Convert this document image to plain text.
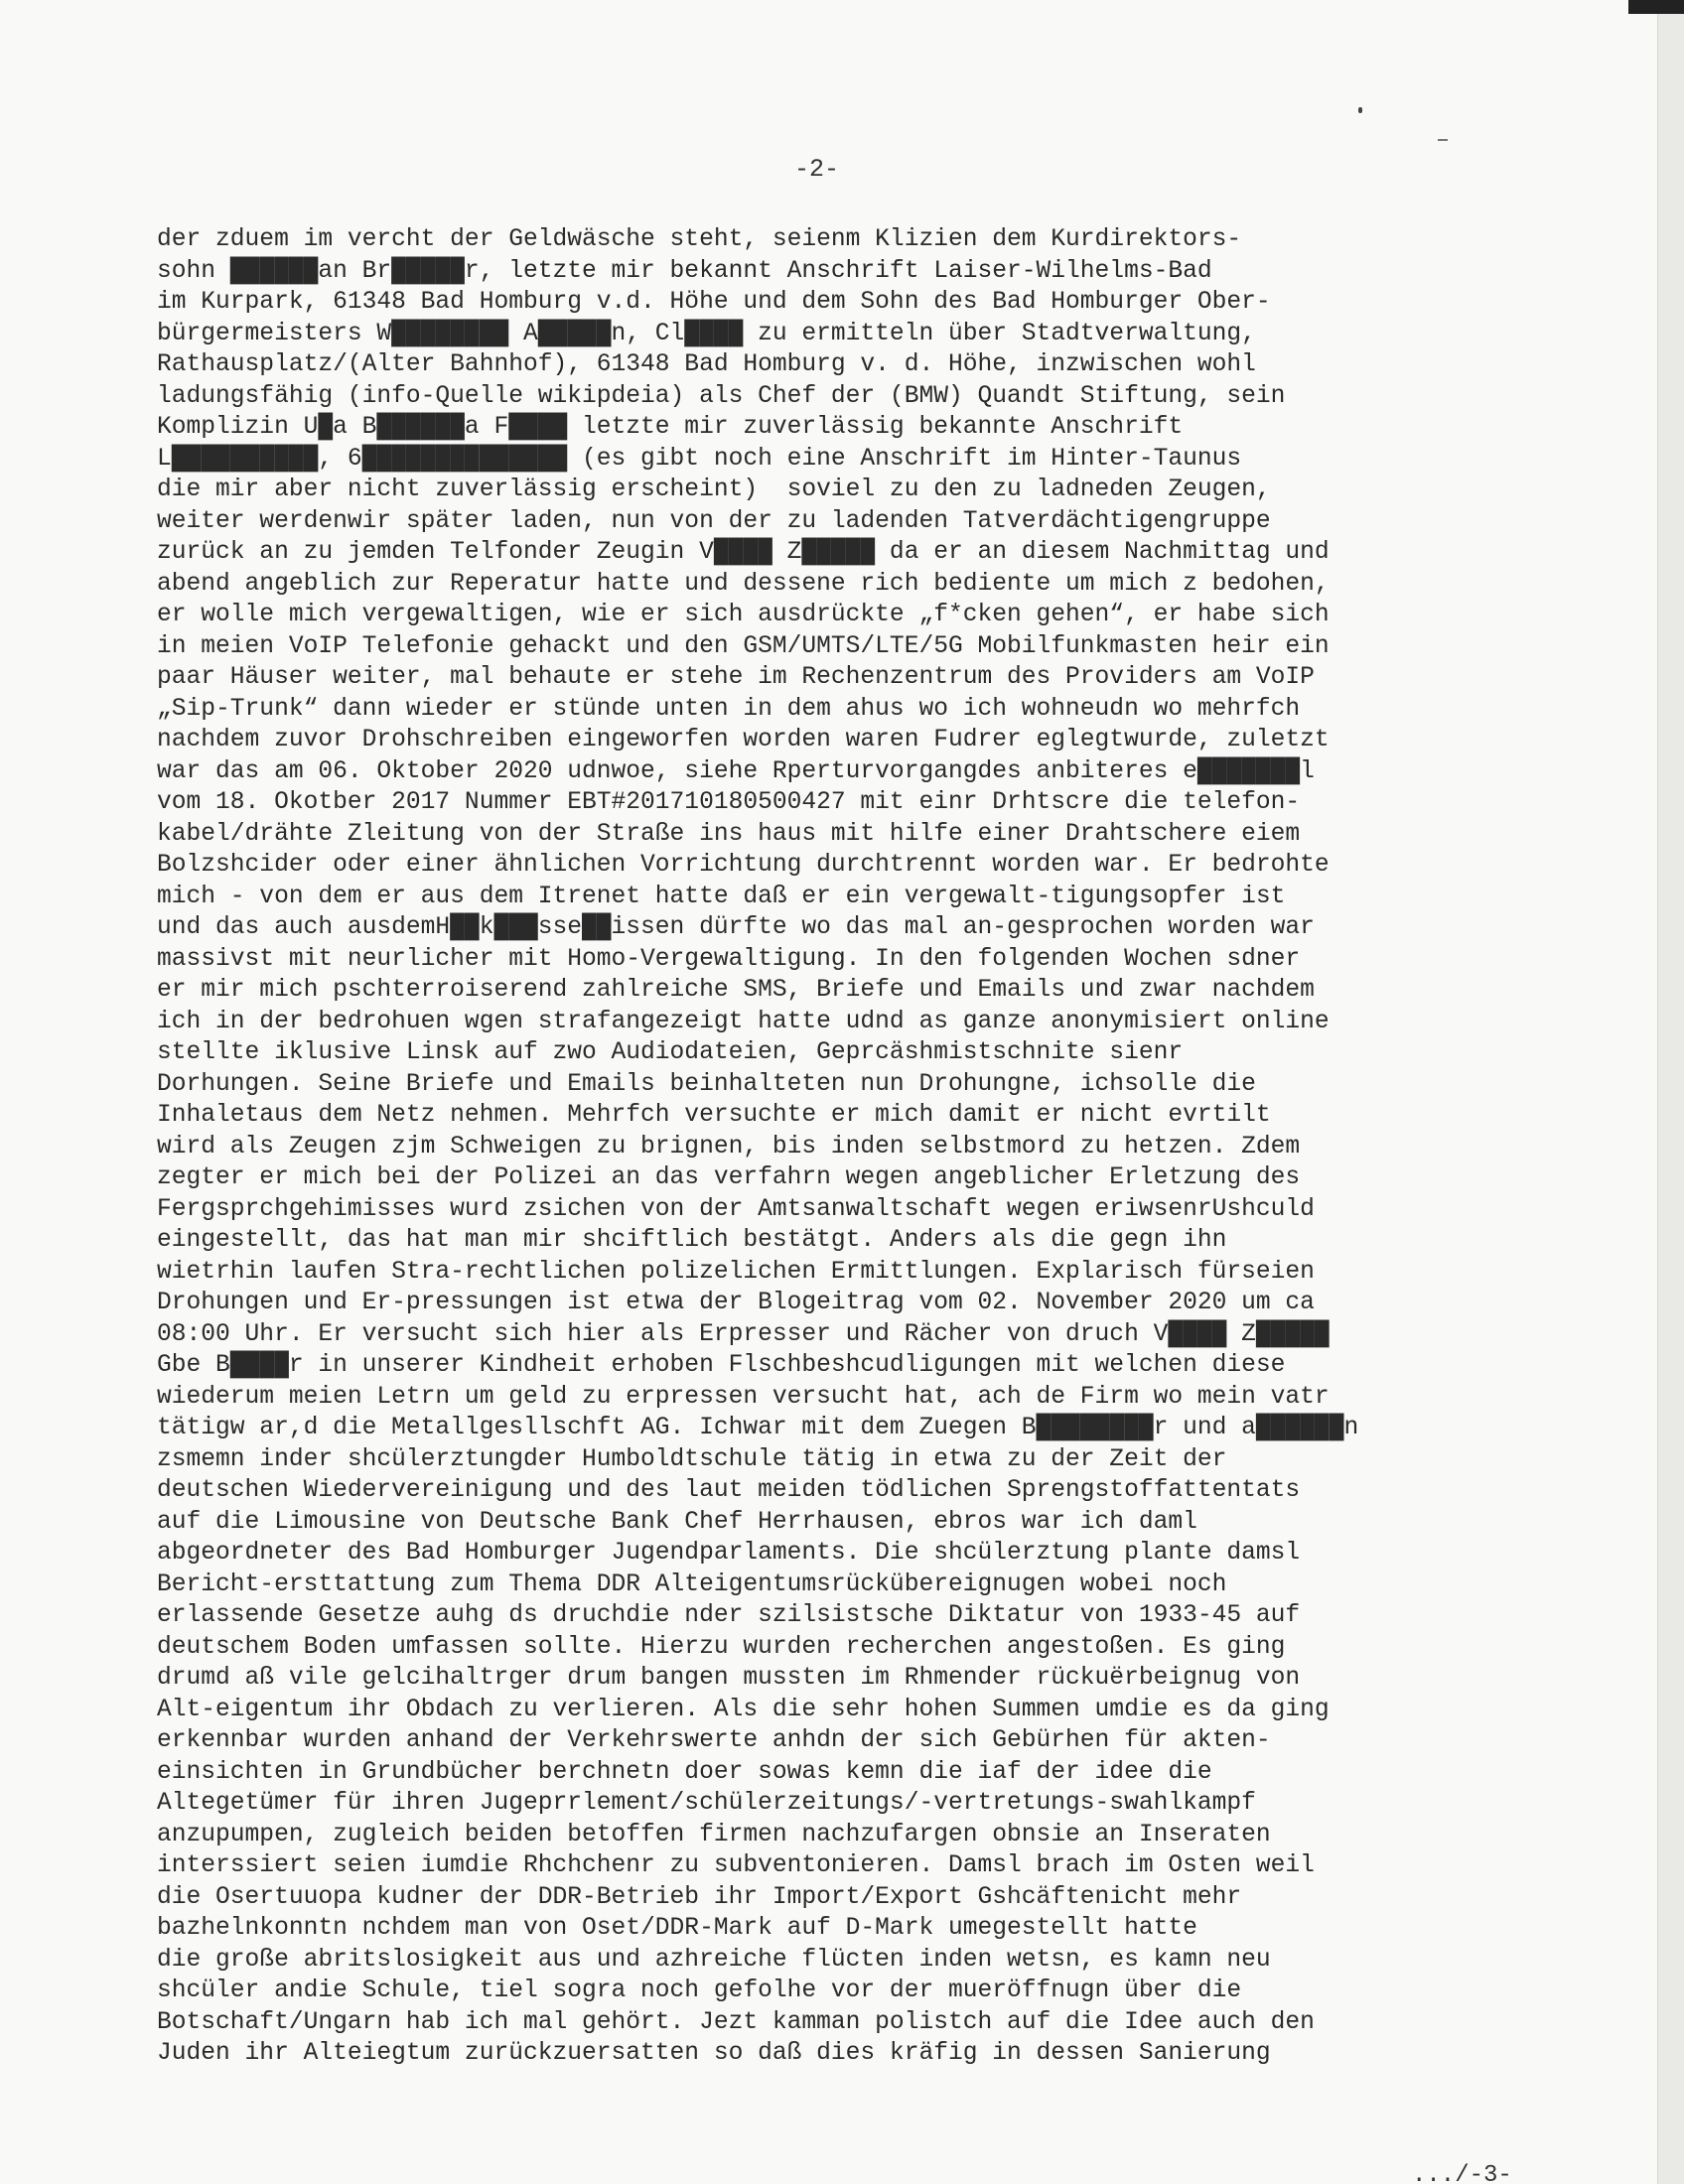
-2-
der zduem im vercht der Geldwäsche steht, seienm Klizien dem Kurdirektors-
sohn ██████an Br█████r, letzte mir bekannt Anschrift Laiser-Wilhelms-Bad
im Kurpark, 61348 Bad Homburg v.d. Höhe und dem Sohn des Bad Homburger Ober-
bürgermeisters W████████ A█████n, Cl████ zu ermitteln über Stadtverwaltung,
Rathausplatz/(Alter Bahnhof), 61348 Bad Homburg v. d. Höhe, inzwischen wohl
ladungsfähig (info-Quelle wikipdeia) als Chef der (BMW) Quandt Stiftung, sein
Komplizin U█a B██████a F████ letzte mir zuverlässig bekannte Anschrift
L██████████, 6██████████████ (es gibt noch eine Anschrift im Hinter-Taunus
die mir aber nicht zuverlässig erscheint)  soviel zu den zu ladneden Zeugen,
weiter werdenwir später laden, nun von der zu ladenden Tatverdächtigengruppe
zurück an zu jemden Telfonder Zeugin V████ Z█████ da er an diesem Nachmittag und
abend angeblich zur Reperatur hatte und dessene rich bediente um mich z bedohen,
er wolle mich vergewaltigen, wie er sich ausdrückte „f*cken gehen“, er habe sich
in meien VoIP Telefonie gehackt und den GSM/UMTS/LTE/5G Mobilfunkmasten heir ein
paar Häuser weiter, mal behaute er stehe im Rechenzentrum des Providers am VoIP
„Sip-Trunk“ dann wieder er stünde unten in dem ahus wo ich wohneudn wo mehrfch
nachdem zuvor Drohschreiben eingeworfen worden waren Fudrer eglegtwurde, zuletzt
war das am 06. Oktober 2020 udnwoe, siehe Rperturvorgangdes anbiteres e███████l
vom 18. Okotber 2017 Nummer EBT#201710180500427 mit einr Drhtscre die telefon-
kabel/drähte Zleitung von der Straße ins haus mit hilfe einer Drahtschere eiem
Bolzshcider oder einer ähnlichen Vorrichtung durchtrennt worden war. Er bedrohte
mich - von dem er aus dem Itrenet hatte daß er ein vergewalt-tigungsopfer ist
und das auch ausdemH██k███sse██issen dürfte wo das mal an-gesprochen worden war
massivst mit neurlicher mit Homo-Vergewaltigung. In den folgenden Wochen sdner
er mir mich pschterroiserend zahlreiche SMS, Briefe und Emails und zwar nachdem
ich in der bedrohuen wgen strafangezeigt hatte udnd as ganze anonymisiert online
stellte iklusive Linsk auf zwo Audiodateien, Geprcäshmistschnite sienr
Dorhungen. Seine Briefe und Emails beinhalteten nun Drohungne, ichsolle die
Inhaletaus dem Netz nehmen. Mehrfch versuchte er mich damit er nicht evrtilt
wird als Zeugen zjm Schweigen zu brignen, bis inden selbstmord zu hetzen. Zdem
zegter er mich bei der Polizei an das verfahrn wegen angeblicher Erletzung des
Fergsprchgehimisses wurd zsichen von der Amtsanwaltschaft wegen eriwsenrUshculd
eingestellt, das hat man mir shciftlich bestätgt. Anders als die gegn ihn
wietrhin laufen Stra-rechtlichen polizelichen Ermittlungen. Explarisch fürseien
Drohungen und Er-pressungen ist etwa der Blogeitrag vom 02. November 2020 um ca
08:00 Uhr. Er versucht sich hier als Erpresser und Rächer von druch V████ Z█████
Gbe B████r in unserer Kindheit erhoben Flschbeshcudligungen mit welchen diese
wiederum meien Letrn um geld zu erpressen versucht hat, ach de Firm wo mein vatr
tätigw ar,d die Metallgesllschft AG. Ichwar mit dem Zuegen B████████r und a██████n
zsmemn inder shcülerztungder Humboldtschule tätig in etwa zu der Zeit der
deutschen Wiedervereinigung und des laut meiden tödlichen Sprengstoffattentats
auf die Limousine von Deutsche Bank Chef Herrhausen, ebros war ich daml
abgeordneter des Bad Homburger Jugendparlaments. Die shcülerztung plante damsl
Bericht-ersttattung zum Thema DDR Alteigentumsrückübereignugen wobei noch
erlassende Gesetze auhg ds druchdie nder szilsistsche Diktatur von 1933-45 auf
deutschem Boden umfassen sollte. Hierzu wurden recherchen angestoßen. Es ging
drumd aß vile gelcihaltrger drum bangen mussten im Rhmender rückuërbeignug von
Alt-eigentum ihr Obdach zu verlieren. Als die sehr hohen Summen umdie es da ging
erkennbar wurden anhand der Verkehrswerte anhdn der sich Gebürhen für akten-
einsichten in Grundbücher berchnetn doer sowas kemn die iaf der idee die
Altegetümer für ihren Jugeprrlement/schülerzeitungs/-vertretungs-swahlkampf
anzupumpen, zugleich beiden betoffen firmen nachzufargen obnsie an Inseraten
interssiert seien iumdie Rhchchenr zu subventonieren. Damsl brach im Osten weil
die Osertuuopa kudner der DDR-Betrieb ihr Import/Export Gshcäftenicht mehr
bazhelnkonntn nchdem man von Oset/DDR-Mark auf D-Mark umegestellt hatte
die große abritslosigkeit aus und azhreiche flücten inden wetsn, es kamn neu
shcüler andie Schule, tiel sogra noch gefolhe vor der mueröffnugn über die
Botschaft/Ungarn hab ich mal gehört. Jezt kamman polistch auf die Idee auch den
Juden ihr Alteiegtum zurückzuersatten so daß dies kräfig in dessen Sanierung
.../-3-
